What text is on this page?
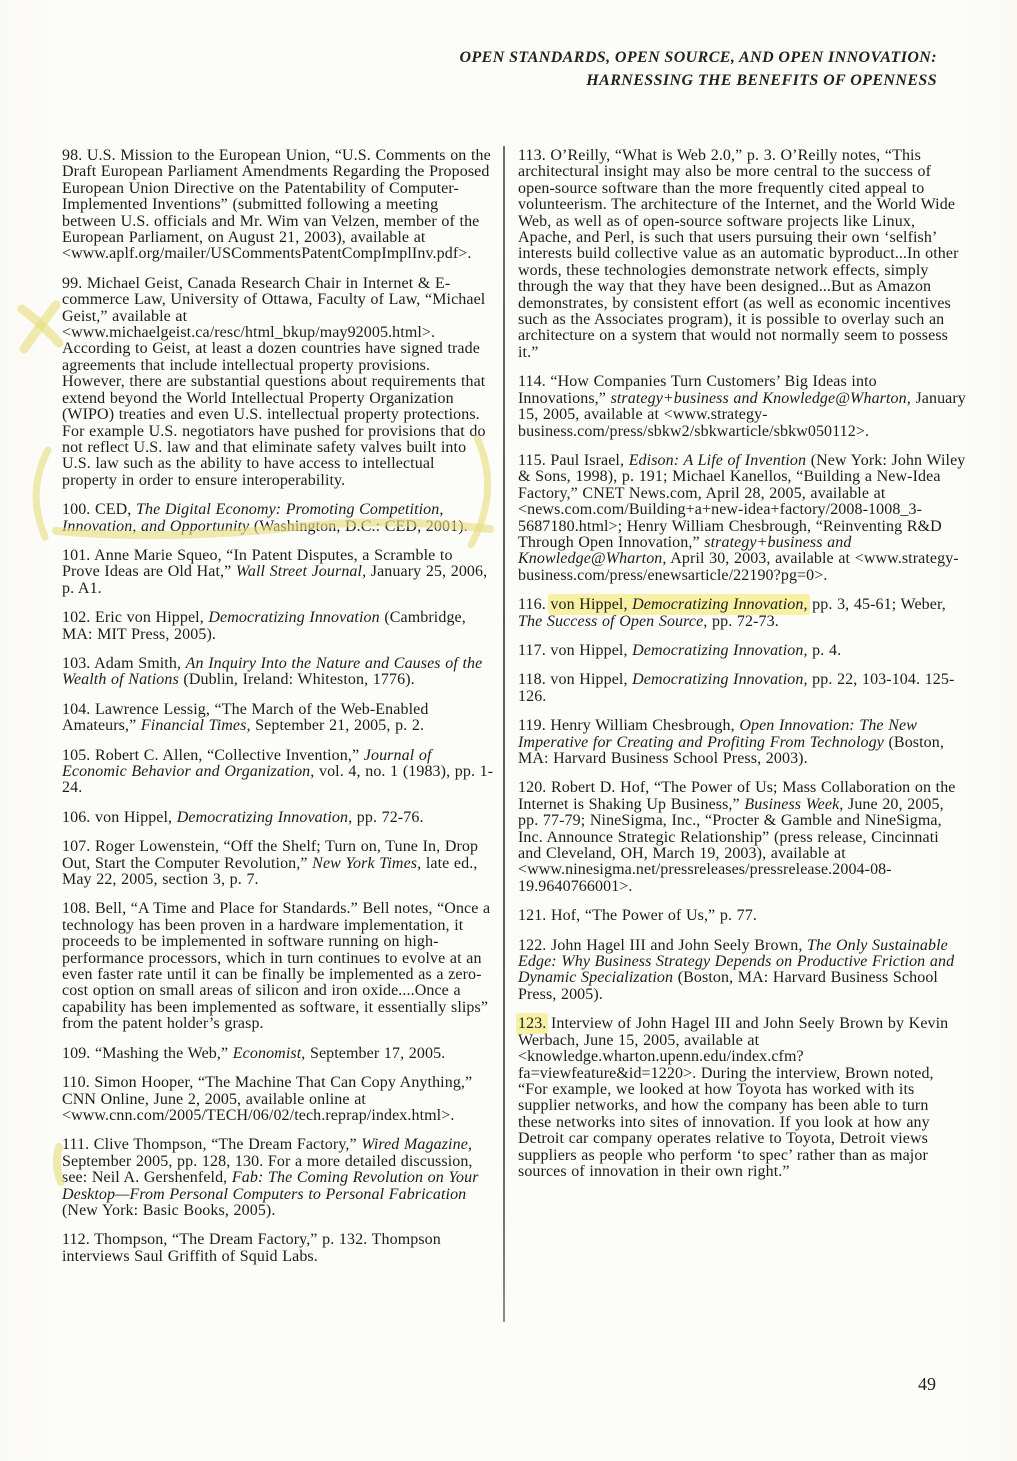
OPEN STANDARDS, OPEN SOURCE, AND OPEN INNOVATION:
HARNESSING THE BENEFITS OF OPENNESS

98. U.S. Mission to the European Union, “U.S. Comments on the Draft European Parliament Amendments Regarding the Proposed European Union Directive on the Patentability of Computer-Implemented Inventions” (submitted following a meeting between U.S. officials and Mr. Wim van Velzen, member of the European Parliament, on August 21, 2003), available at <www.aplf.org/mailer/USCommentsPatentCompImplInv.pdf>.

99. Michael Geist, Canada Research Chair in Internet & E-commerce Law, University of Ottawa, Faculty of Law, “Michael Geist,” available at <www.michaelgeist.ca/resc/html_bkup/may92005.html>. According to Geist, at least a dozen countries have signed trade agreements that include intellectual property provisions. However, there are substantial questions about requirements that extend beyond the World Intellectual Property Organization (WIPO) treaties and even U.S. intellectual property protections. For example U.S. negotiators have pushed for provisions that do not reflect U.S. law and that eliminate safety valves built into U.S. law such as the ability to have access to intellectual property in order to ensure interoperability.

100. CED, The Digital Economy: Promoting Competition, Innovation, and Opportunity (Washington, D.C.: CED, 2001).

101. Anne Marie Squeo, “In Patent Disputes, a Scramble to Prove Ideas are Old Hat,” Wall Street Journal, January 25, 2006, p. A1.

102. Eric von Hippel, Democratizing Innovation (Cambridge, MA: MIT Press, 2005).

103. Adam Smith, An Inquiry Into the Nature and Causes of the Wealth of Nations (Dublin, Ireland: Whiteston, 1776).

104. Lawrence Lessig, “The March of the Web-Enabled Amateurs,” Financial Times, September 21, 2005, p. 2.

105. Robert C. Allen, “Collective Invention,” Journal of Economic Behavior and Organization, vol. 4, no. 1 (1983), pp. 1-24.

106. von Hippel, Democratizing Innovation, pp. 72-76.

107. Roger Lowenstein, “Off the Shelf; Turn on, Tune In, Drop Out, Start the Computer Revolution,” New York Times, late ed., May 22, 2005, section 3, p. 7.

108. Bell, “A Time and Place for Standards.” Bell notes, “Once a technology has been proven in a hardware implementation, it proceeds to be implemented in software running on high-performance processors, which in turn continues to evolve at an even faster rate until it can be finally be implemented as a zero-cost option on small areas of silicon and iron oxide....Once a capability has been implemented as software, it essentially slips” from the patent holder’s grasp.

109. “Mashing the Web,” Economist, September 17, 2005.

110. Simon Hooper, “The Machine That Can Copy Anything,” CNN Online, June 2, 2005, available online at <www.cnn.com/2005/TECH/06/02/tech.reprap/index.html>.

111. Clive Thompson, “The Dream Factory,” Wired Magazine, September 2005, pp. 128, 130. For a more detailed discussion, see: Neil A. Gershenfeld, Fab: The Coming Revolution on Your Desktop—From Personal Computers to Personal Fabrication (New York: Basic Books, 2005).

112. Thompson, “The Dream Factory,” p. 132. Thompson interviews Saul Griffith of Squid Labs.

113. O’Reilly, “What is Web 2.0,” p. 3. O’Reilly notes, “This architectural insight may also be more central to the success of open-source software than the more frequently cited appeal to volunteerism. The architecture of the Internet, and the World Wide Web, as well as of open-source software projects like Linux, Apache, and Perl, is such that users pursuing their own ‘selfish’ interests build collective value as an automatic byproduct...In other words, these technologies demonstrate network effects, simply through the way that they have been designed...But as Amazon demonstrates, by consistent effort (as well as economic incentives such as the Associates program), it is possible to overlay such an architecture on a system that would not normally seem to possess it.”

114. “How Companies Turn Customers’ Big Ideas into Innovations,” strategy+business and Knowledge@Wharton, January 15, 2005, available at <www.strategy-business.com/press/sbkw2/sbkwarticle/sbkw050112>.

115. Paul Israel, Edison: A Life of Invention (New York: John Wiley & Sons, 1998), p. 191; Michael Kanellos, “Building a New-Idea Factory,” CNET News.com, April 28, 2005, available at <news.com.com/Building+a+new-idea+factory/2008-1008_3-5687180.html>; Henry William Chesbrough, “Reinventing R&D Through Open Innovation,” strategy+business and Knowledge@Wharton, April 30, 2003, available at <www.strategy-business.com/press/enewsarticle/22190?pg=0>.

116. von Hippel, Democratizing Innovation, pp. 3, 45-61; Weber, The Success of Open Source, pp. 72-73.

117. von Hippel, Democratizing Innovation, p. 4.

118. von Hippel, Democratizing Innovation, pp. 22, 103-104. 125-126.

119. Henry William Chesbrough, Open Innovation: The New Imperative for Creating and Profiting From Technology (Boston, MA: Harvard Business School Press, 2003).

120. Robert D. Hof, “The Power of Us; Mass Collaboration on the Internet is Shaking Up Business,” Business Week, June 20, 2005, pp. 77-79; NineSigma, Inc., “Procter & Gamble and NineSigma, Inc. Announce Strategic Relationship” (press release, Cincinnati and Cleveland, OH, March 19, 2003), available at <www.ninesigma.net/pressreleases/pressrelease.2004-08-19.9640766001>.

121. Hof, “The Power of Us,” p. 77.

122. John Hagel III and John Seely Brown, The Only Sustainable Edge: Why Business Strategy Depends on Productive Friction and Dynamic Specialization (Boston, MA: Harvard Business School Press, 2005).

123. Interview of John Hagel III and John Seely Brown by Kevin Werbach, June 15, 2005, available at <knowledge.wharton.upenn.edu/index.cfm?fa=viewfeature&id=1220>. During the interview, Brown noted, “For example, we looked at how Toyota has worked with its supplier networks, and how the company has been able to turn these networks into sites of innovation. If you look at how any Detroit car company operates relative to Toyota, Detroit views suppliers as people who perform ‘to spec’ rather than as major sources of innovation in their own right.”

49
